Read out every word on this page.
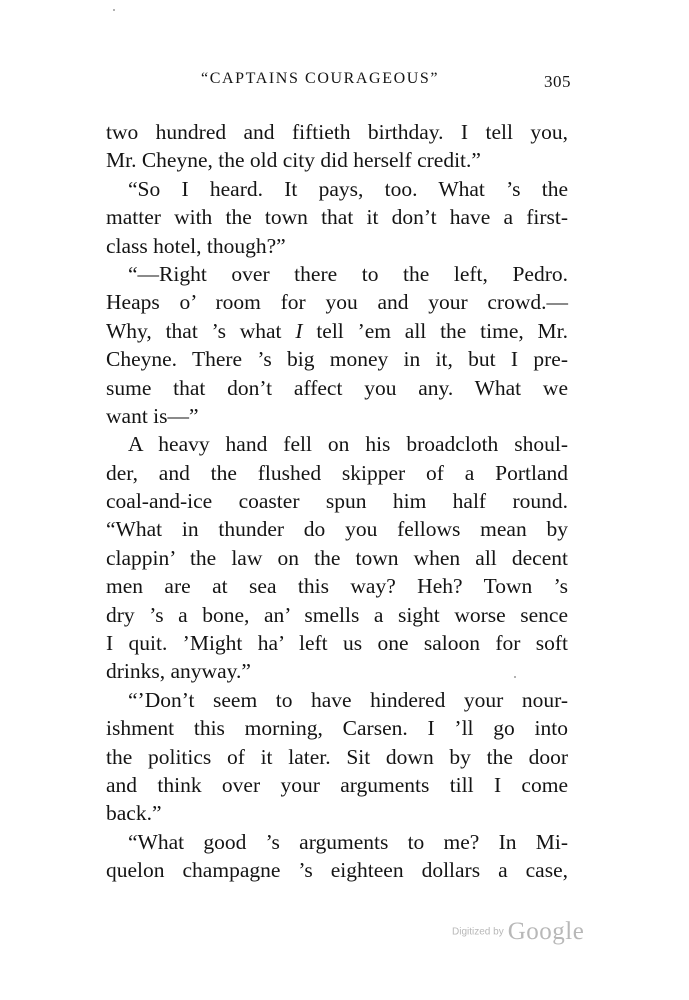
“CAPTAINS COURAGEOUS”	305
two hundred and fiftieth birthday. I tell you,
Mr. Cheyne, the old city did herself credit.”
“So I heard. It pays, too. What ’s the
matter with the town that it don’t have a first-
class hotel, though?”
“—Right over there to the left, Pedro.
Heaps o’ room for you and your crowd.—
Why, that ’s what I tell ’em all the time, Mr.
Cheyne. There ’s big money in it, but I pre-
sume that don’t affect you any. What we
want is—”
A heavy hand fell on his broadcloth shoul-
der, and the flushed skipper of a Portland
coal-and-ice coaster spun him half round.
“What in thunder do you fellows mean by
clappin’ the law on the town when all decent
men are at sea this way? Heh? Town ’s
dry ’s a bone, an’ smells a sight worse sence
I quit. ’Might ha’ left us one saloon for soft
drinks, anyway.”
“’Don’t seem to have hindered your nour-
ishment this morning, Carsen. I ’ll go into
the politics of it later. Sit down by the door
and think over your arguments till I come
back.”
“What good ’s arguments to me? In Mi-
quelon champagne ’s eighteen dollars a case,
Digitized by Google
